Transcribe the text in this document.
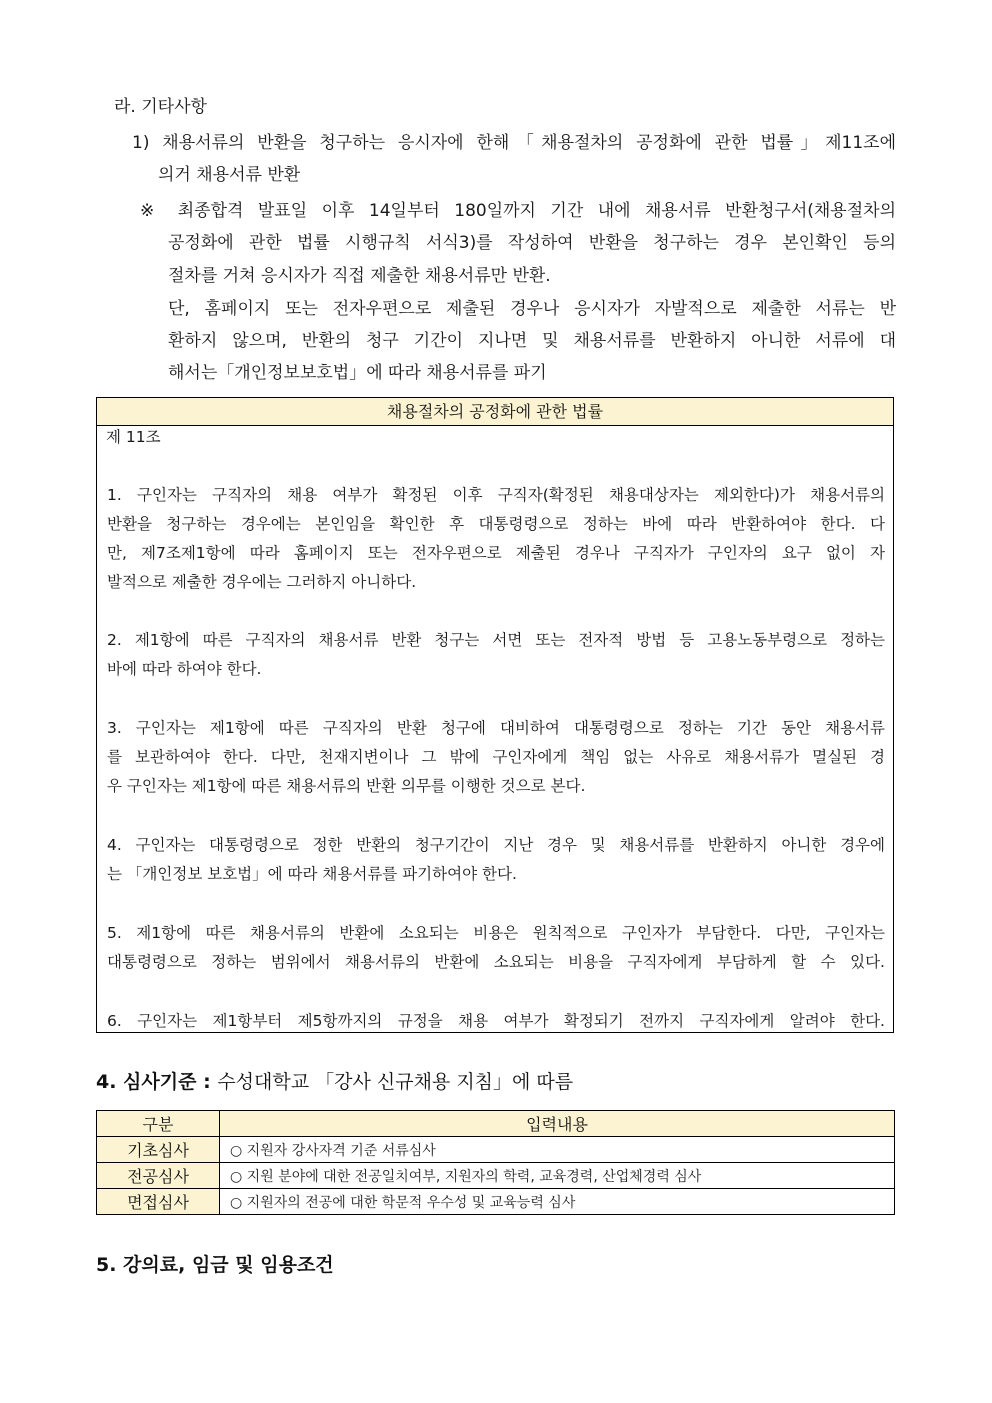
라. 기타사항
1) 채용서류의 반환을 청구하는 응시자에 한해「채용절차의 공정화에 관한 법률」제11조에
의거 채용서류 반환
※ 최종합격 발표일 이후 14일부터 180일까지 기간 내에 채용서류 반환청구서(채용절차의
공정화에 관한 법률 시행규칙 서식3)를 작성하여 반환을 청구하는 경우 본인확인 등의
절차를 거쳐 응시자가 직접 제출한 채용서류만 반환.
단, 홈페이지 또는 전자우편으로 제출된 경우나 응시자가 자발적으로 제출한 서류는 반
환하지 않으며, 반환의 청구 기간이 지나면 및 채용서류를 반환하지 아니한 서류에 대
해서는「개인정보보호법」에 따라 채용서류를 파기
채용절차의 공정화에 관한 법률
제 11조
1. 구인자는 구직자의 채용 여부가 확정된 이후 구직자(확정된 채용대상자는 제외한다)가 채용서류의
반환을 청구하는 경우에는 본인임을 확인한 후 대통령령으로 정하는 바에 따라 반환하여야 한다. 다
만, 제7조제1항에 따라 홈페이지 또는 전자우편으로 제출된 경우나 구직자가 구인자의 요구 없이 자
발적으로 제출한 경우에는 그러하지 아니하다.
2. 제1항에 따른 구직자의 채용서류 반환 청구는 서면 또는 전자적 방법 등 고용노동부령으로 정하는
바에 따라 하여야 한다.
3. 구인자는 제1항에 따른 구직자의 반환 청구에 대비하여 대통령령으로 정하는 기간 동안 채용서류
를 보관하여야 한다. 다만, 천재지변이나 그 밖에 구인자에게 책임 없는 사유로 채용서류가 멸실된 경
우 구인자는 제1항에 따른 채용서류의 반환 의무를 이행한 것으로 본다.
4. 구인자는 대통령령으로 정한 반환의 청구기간이 지난 경우 및 채용서류를 반환하지 아니한 경우에
는 「개인정보 보호법」에 따라 채용서류를 파기하여야 한다.
5. 제1항에 따른 채용서류의 반환에 소요되는 비용은 원칙적으로 구인자가 부담한다. 다만, 구인자는
대통령령으로 정하는 범위에서 채용서류의 반환에 소요되는 비용을 구직자에게 부담하게 할 수 있다.
6. 구인자는 제1항부터 제5항까지의 규정을 채용 여부가 확정되기 전까지 구직자에게 알려야 한다.
4. 심사기준 : 수성대학교 「강사 신규채용 지침」에 따름
구분	입력내용
기초심사	○ 지원자 강사자격 기준 서류심사
전공심사	○ 지원 분야에 대한 전공일치여부, 지원자의 학력, 교육경력, 산업체경력 심사
면접심사	○ 지원자의 전공에 대한 학문적 우수성 및 교육능력 심사
5. 강의료, 임금 및 임용조건
